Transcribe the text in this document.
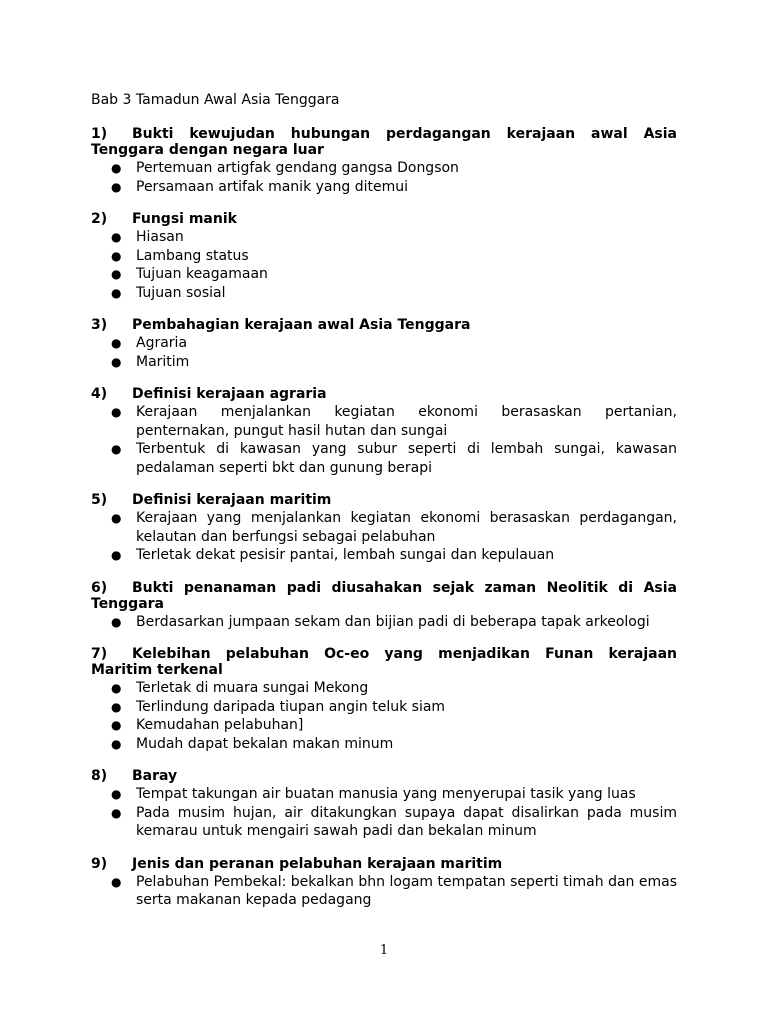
Bab 3 Tamadun Awal Asia Tenggara
1) Bukti kewujudan hubungan perdagangan kerajaan awal Asia Tenggara dengan negara luar
● Pertemuan artigfak gendang gangsa Dongson
● Persamaan artifak manik yang ditemui
2) Fungsi manik
● Hiasan
● Lambang status
● Tujuan keagamaan
● Tujuan sosial
3) Pembahagian kerajaan awal Asia Tenggara
● Agraria
● Maritim
4) Definisi kerajaan agraria
● Kerajaan menjalankan kegiatan ekonomi berasaskan pertanian, penternakan, pungut hasil hutan dan sungai
● Terbentuk di kawasan yang subur seperti di lembah sungai, kawasan pedalaman seperti bkt dan gunung berapi
5) Definisi kerajaan maritim
● Kerajaan yang menjalankan kegiatan ekonomi berasaskan perdagangan, kelautan dan berfungsi sebagai pelabuhan
● Terletak dekat pesisir pantai, lembah sungai dan kepulauan
6) Bukti penanaman padi diusahakan sejak zaman Neolitik di Asia Tenggara
● Berdasarkan jumpaan sekam dan bijian padi di beberapa tapak arkeologi
7) Kelebihan pelabuhan Oc-eo yang menjadikan Funan kerajaan Maritim terkenal
● Terletak di muara sungai Mekong
● Terlindung daripada tiupan angin teluk siam
● Kemudahan pelabuhan]
● Mudah dapat bekalan makan minum
8) Baray
● Tempat takungan air buatan manusia yang menyerupai tasik yang luas
● Pada musim hujan, air ditakungkan supaya dapat disalirkan pada musim kemarau untuk mengairi sawah padi dan bekalan minum
9) Jenis dan peranan pelabuhan kerajaan maritim
● Pelabuhan Pembekal: bekalkan bhn logam tempatan seperti timah dan emas serta makanan kepada pedagang
1
